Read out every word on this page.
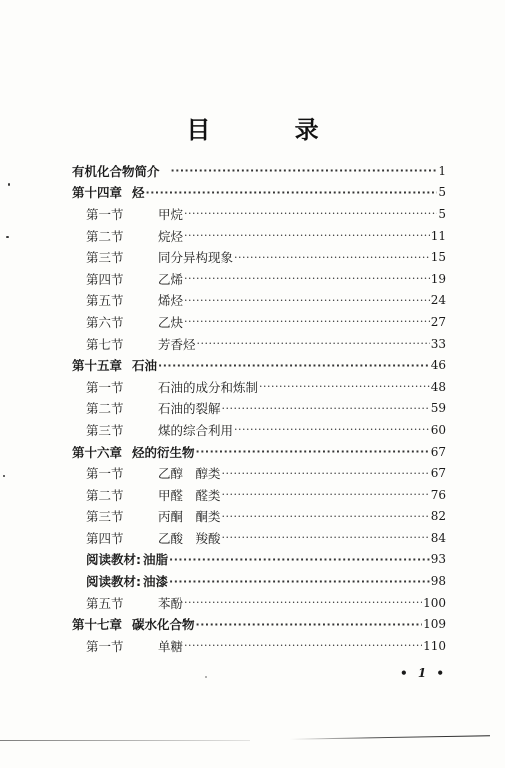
目 录
有机化合物简介 ·····	1
第十四章 烃 ·····	5
第一节	甲烷 ·····	5
第二节	烷烃 ·····	11
第三节	同分异构现象 ·····	15
第四节	乙烯 ·····	19
第五节	烯烃 ·····	24
第六节	乙炔 ·····	27
第七节	芳香烃 ·····	33
第十五章 石油 ·····	46
第一节	石油的成分和炼制 ·····	48
第二节	石油的裂解 ·····	59
第三节	煤的综合利用 ·····	60
第十六章 烃的衍生物 ·····	67
第一节	乙醇　醇类 ·····	67
第二节	甲醛　醛类 ·····	76
第三节	丙酮　酮类 ·····	82
第四节	乙酸　羧酸 ·····	84
阅读教材: 油脂 ·····	93
阅读教材: 油漆 ·····	98
第五节	苯酚 ·····	100
第十七章 碳水化合物 ·····	109
第一节	单糖 ·····	110
• 1 •
